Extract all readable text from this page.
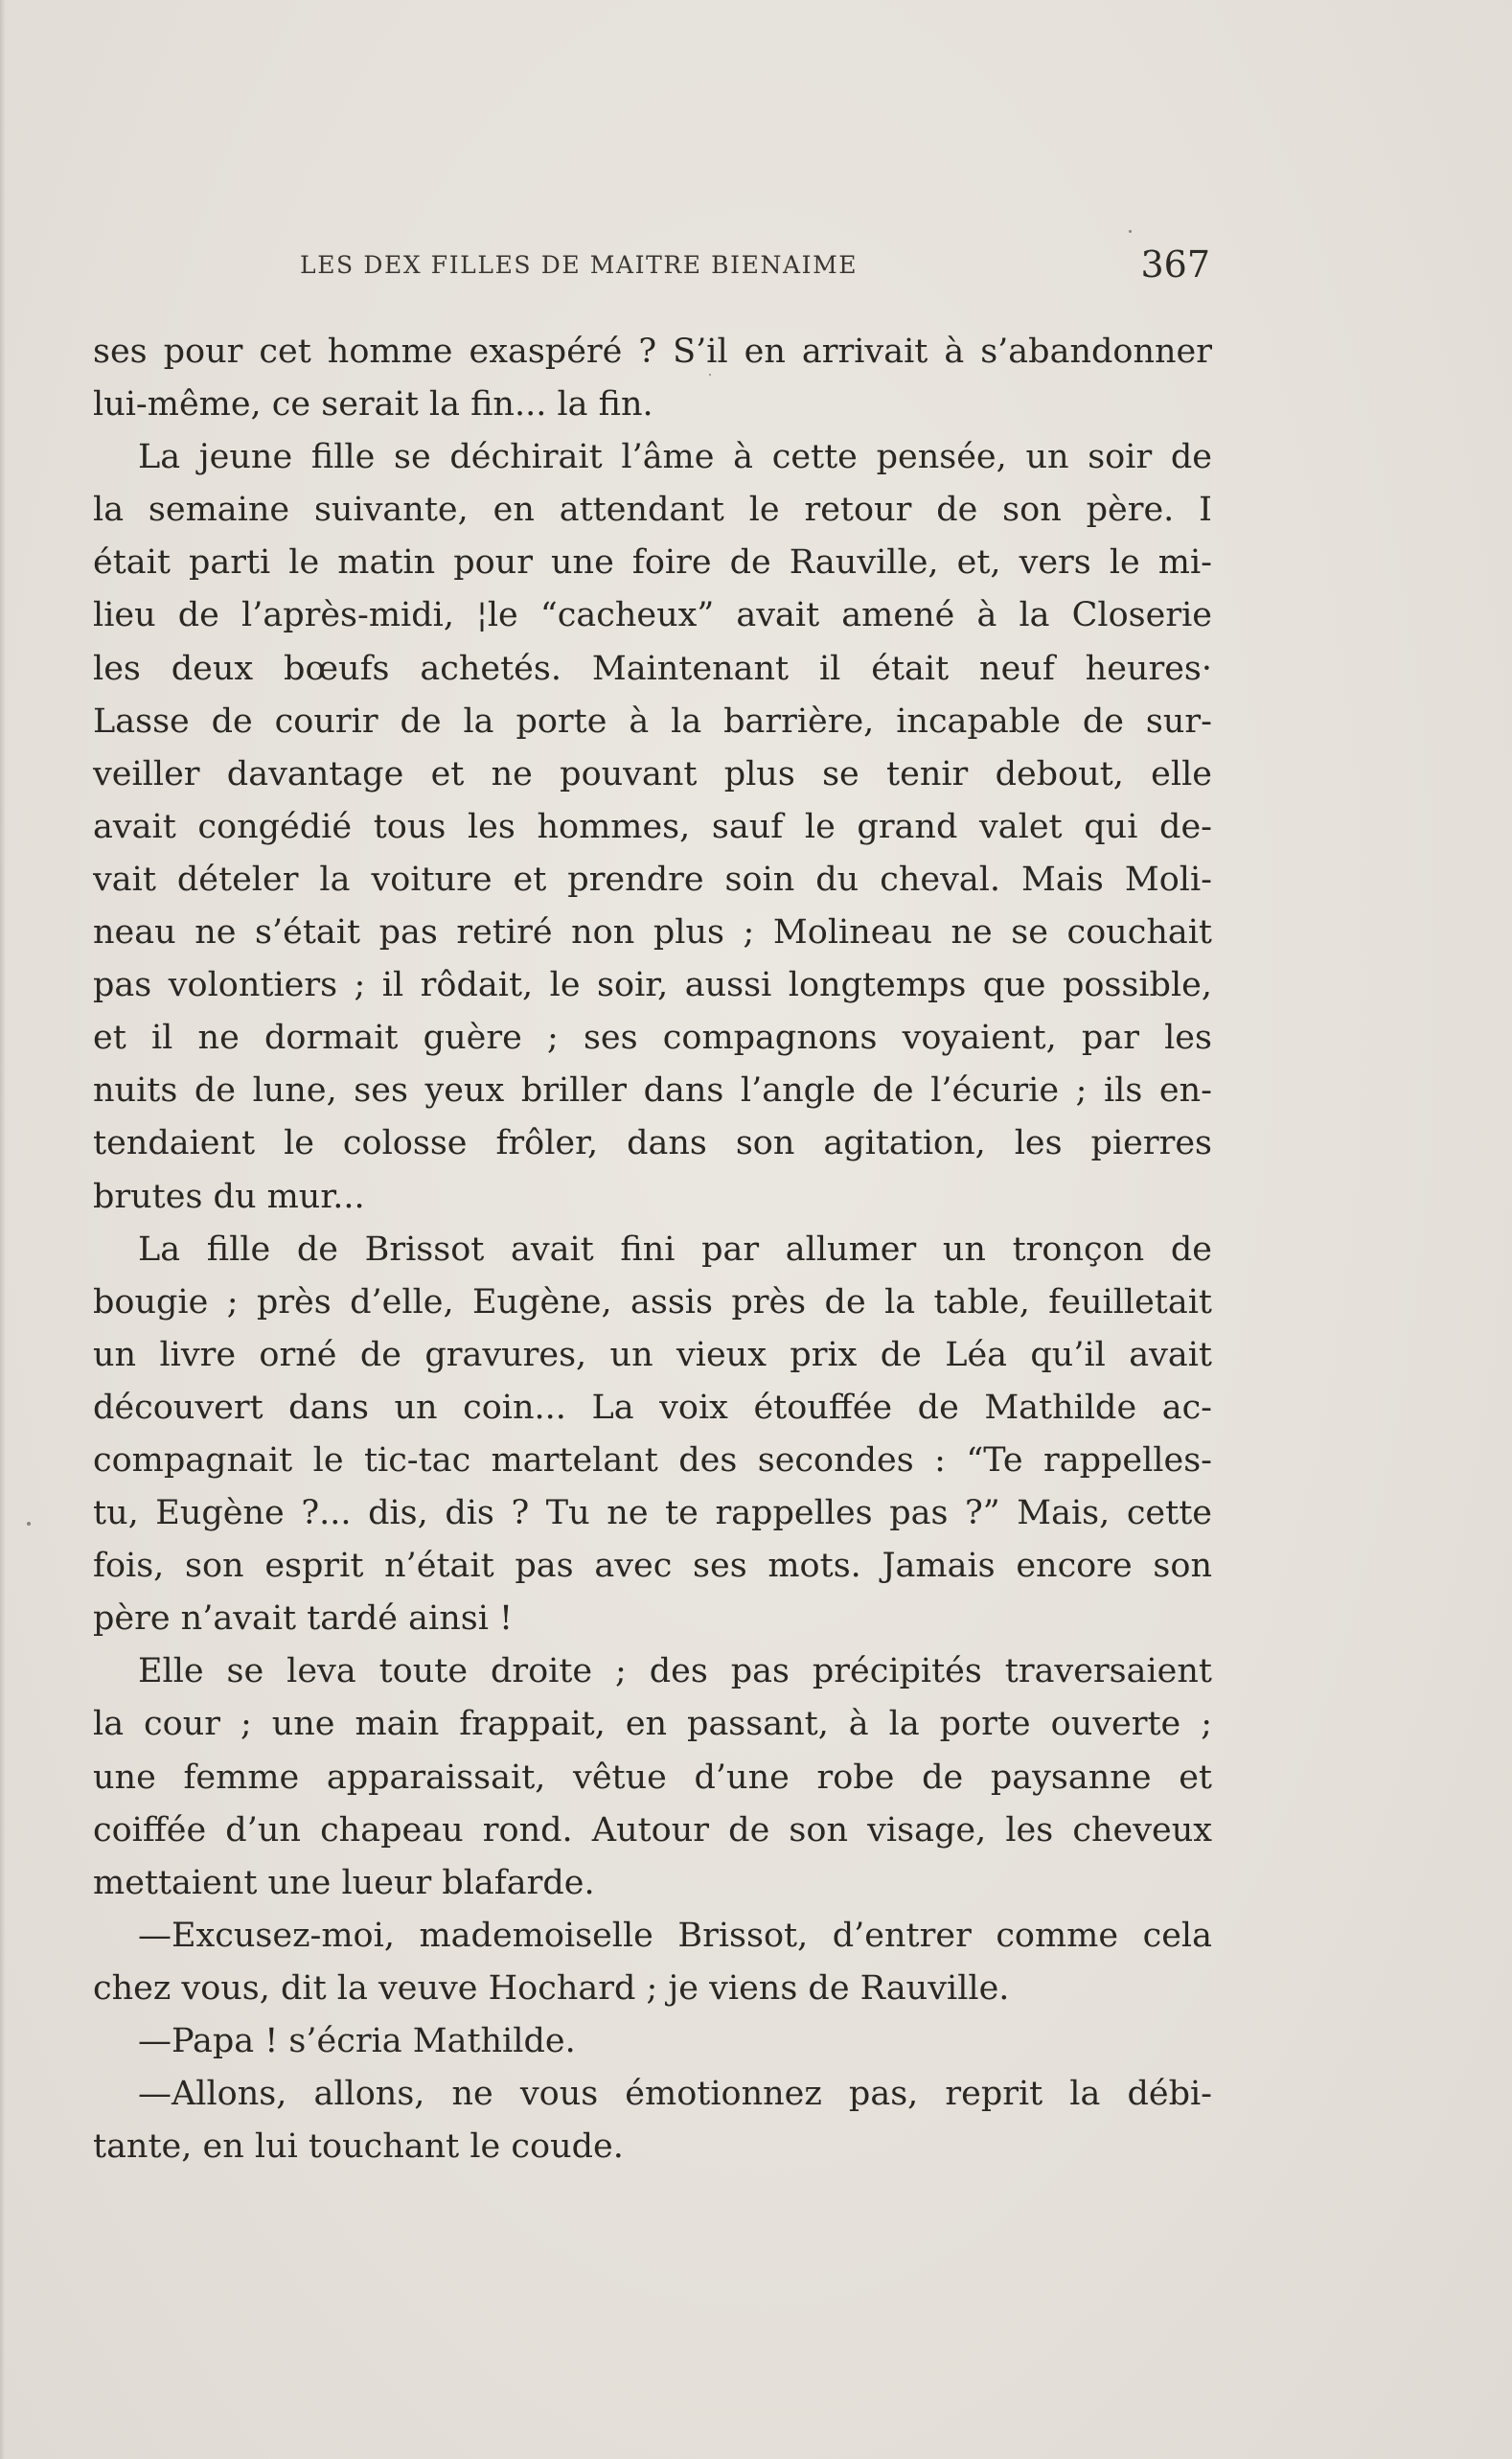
LES DEX FILLES DE MAITRE BIENAIME	367
ses pour cet homme exaspéré ? S’il en arrivait à s’abandonner
lui-même, ce serait la fin... la fin.
La jeune fille se déchirait l’âme à cette pensée, un soir de
la semaine suivante, en attendant le retour de son père. I
était parti le matin pour une foire de Rauville, et, vers le mi-
lieu de l’après-midi, ¦le “cacheux” avait amené à la Closerie
les deux bœufs achetés. Maintenant il était neuf heures·
Lasse de courir de la porte à la barrière, incapable de sur-
veiller davantage et ne pouvant plus se tenir debout, elle
avait congédié tous les hommes, sauf le grand valet qui de-
vait dételer la voiture et prendre soin du cheval. Mais Moli-
neau ne s’était pas retiré non plus ; Molineau ne se couchait
pas volontiers ; il rôdait, le soir, aussi longtemps que possible,
et il ne dormait guère ; ses compagnons voyaient, par les
nuits de lune, ses yeux briller dans l’angle de l’écurie ; ils en-
tendaient le colosse frôler, dans son agitation, les pierres
brutes du mur...
La fille de Brissot avait fini par allumer un tronçon de
bougie ; près d’elle, Eugène, assis près de la table, feuilletait
un livre orné de gravures, un vieux prix de Léa qu’il avait
découvert dans un coin... La voix étouffée de Mathilde ac-
compagnait le tic-tac martelant des secondes : “Te rappelles-
tu, Eugène ?... dis, dis ? Tu ne te rappelles pas ?” Mais, cette
fois, son esprit n’était pas avec ses mots. Jamais encore son
père n’avait tardé ainsi !
Elle se leva toute droite ; des pas précipités traversaient
la cour ; une main frappait, en passant, à la porte ouverte ;
une femme apparaissait, vêtue d’une robe de paysanne et
coiffée d’un chapeau rond. Autour de son visage, les cheveux
mettaient une lueur blafarde.
—Excusez-moi, mademoiselle Brissot, d’entrer comme cela
chez vous, dit la veuve Hochard ; je viens de Rauville.
—Papa ! s’écria Mathilde.
—Allons, allons, ne vous émotionnez pas, reprit la débi-
tante, en lui touchant le coude.
